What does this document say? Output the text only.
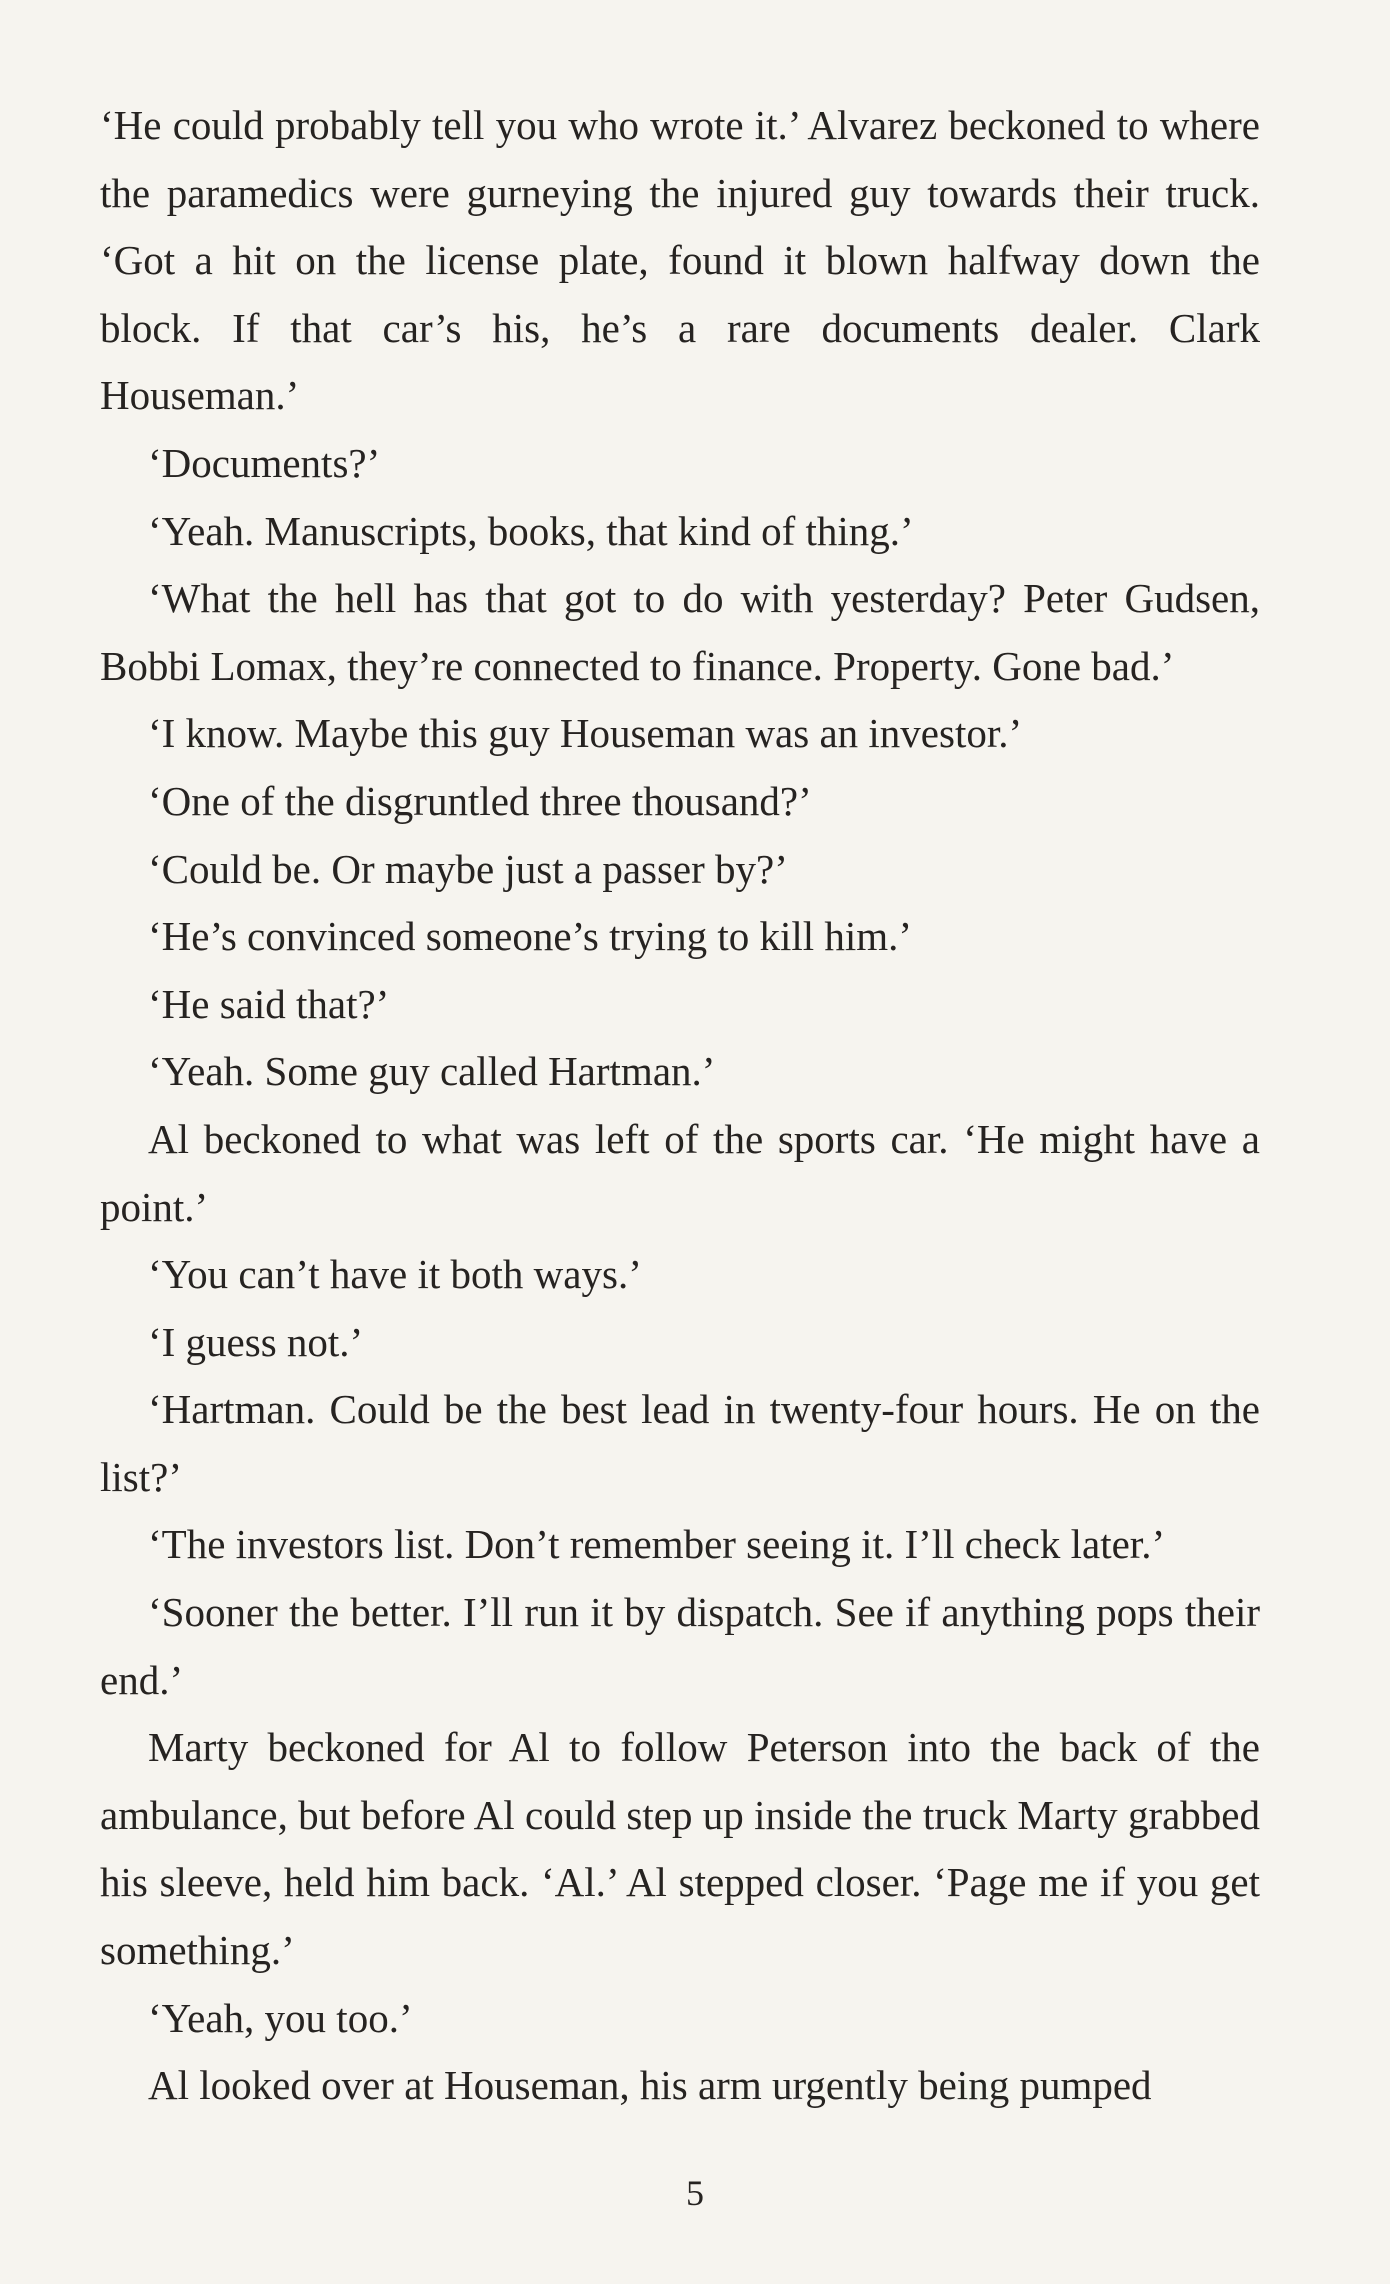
‘He could probably tell you who wrote it.’ Alvarez beckoned to where the paramedics were gurneying the injured guy towards their truck. ‘Got a hit on the license plate, found it blown halfway down the block. If that car’s his, he’s a rare documents dealer. Clark Houseman.’

‘Documents?’

‘Yeah. Manuscripts, books, that kind of thing.’

‘What the hell has that got to do with yesterday? Peter Gudsen, Bobbi Lomax, they’re connected to finance. Property. Gone bad.’

‘I know. Maybe this guy Houseman was an investor.’

‘One of the disgruntled three thousand?’

‘Could be. Or maybe just a passer by?’

‘He’s convinced someone’s trying to kill him.’

‘He said that?’

‘Yeah. Some guy called Hartman.’

Al beckoned to what was left of the sports car. ‘He might have a point.’

‘You can’t have it both ways.’

‘I guess not.’

‘Hartman. Could be the best lead in twenty-four hours. He on the list?’

‘The investors list. Don’t remember seeing it. I’ll check later.’

‘Sooner the better. I’ll run it by dispatch. See if anything pops their end.’

Marty beckoned for Al to follow Peterson into the back of the ambulance, but before Al could step up inside the truck Marty grabbed his sleeve, held him back. ‘Al.’ Al stepped closer. ‘Page me if you get something.’

‘Yeah, you too.’

Al looked over at Houseman, his arm urgently being pumped

5
